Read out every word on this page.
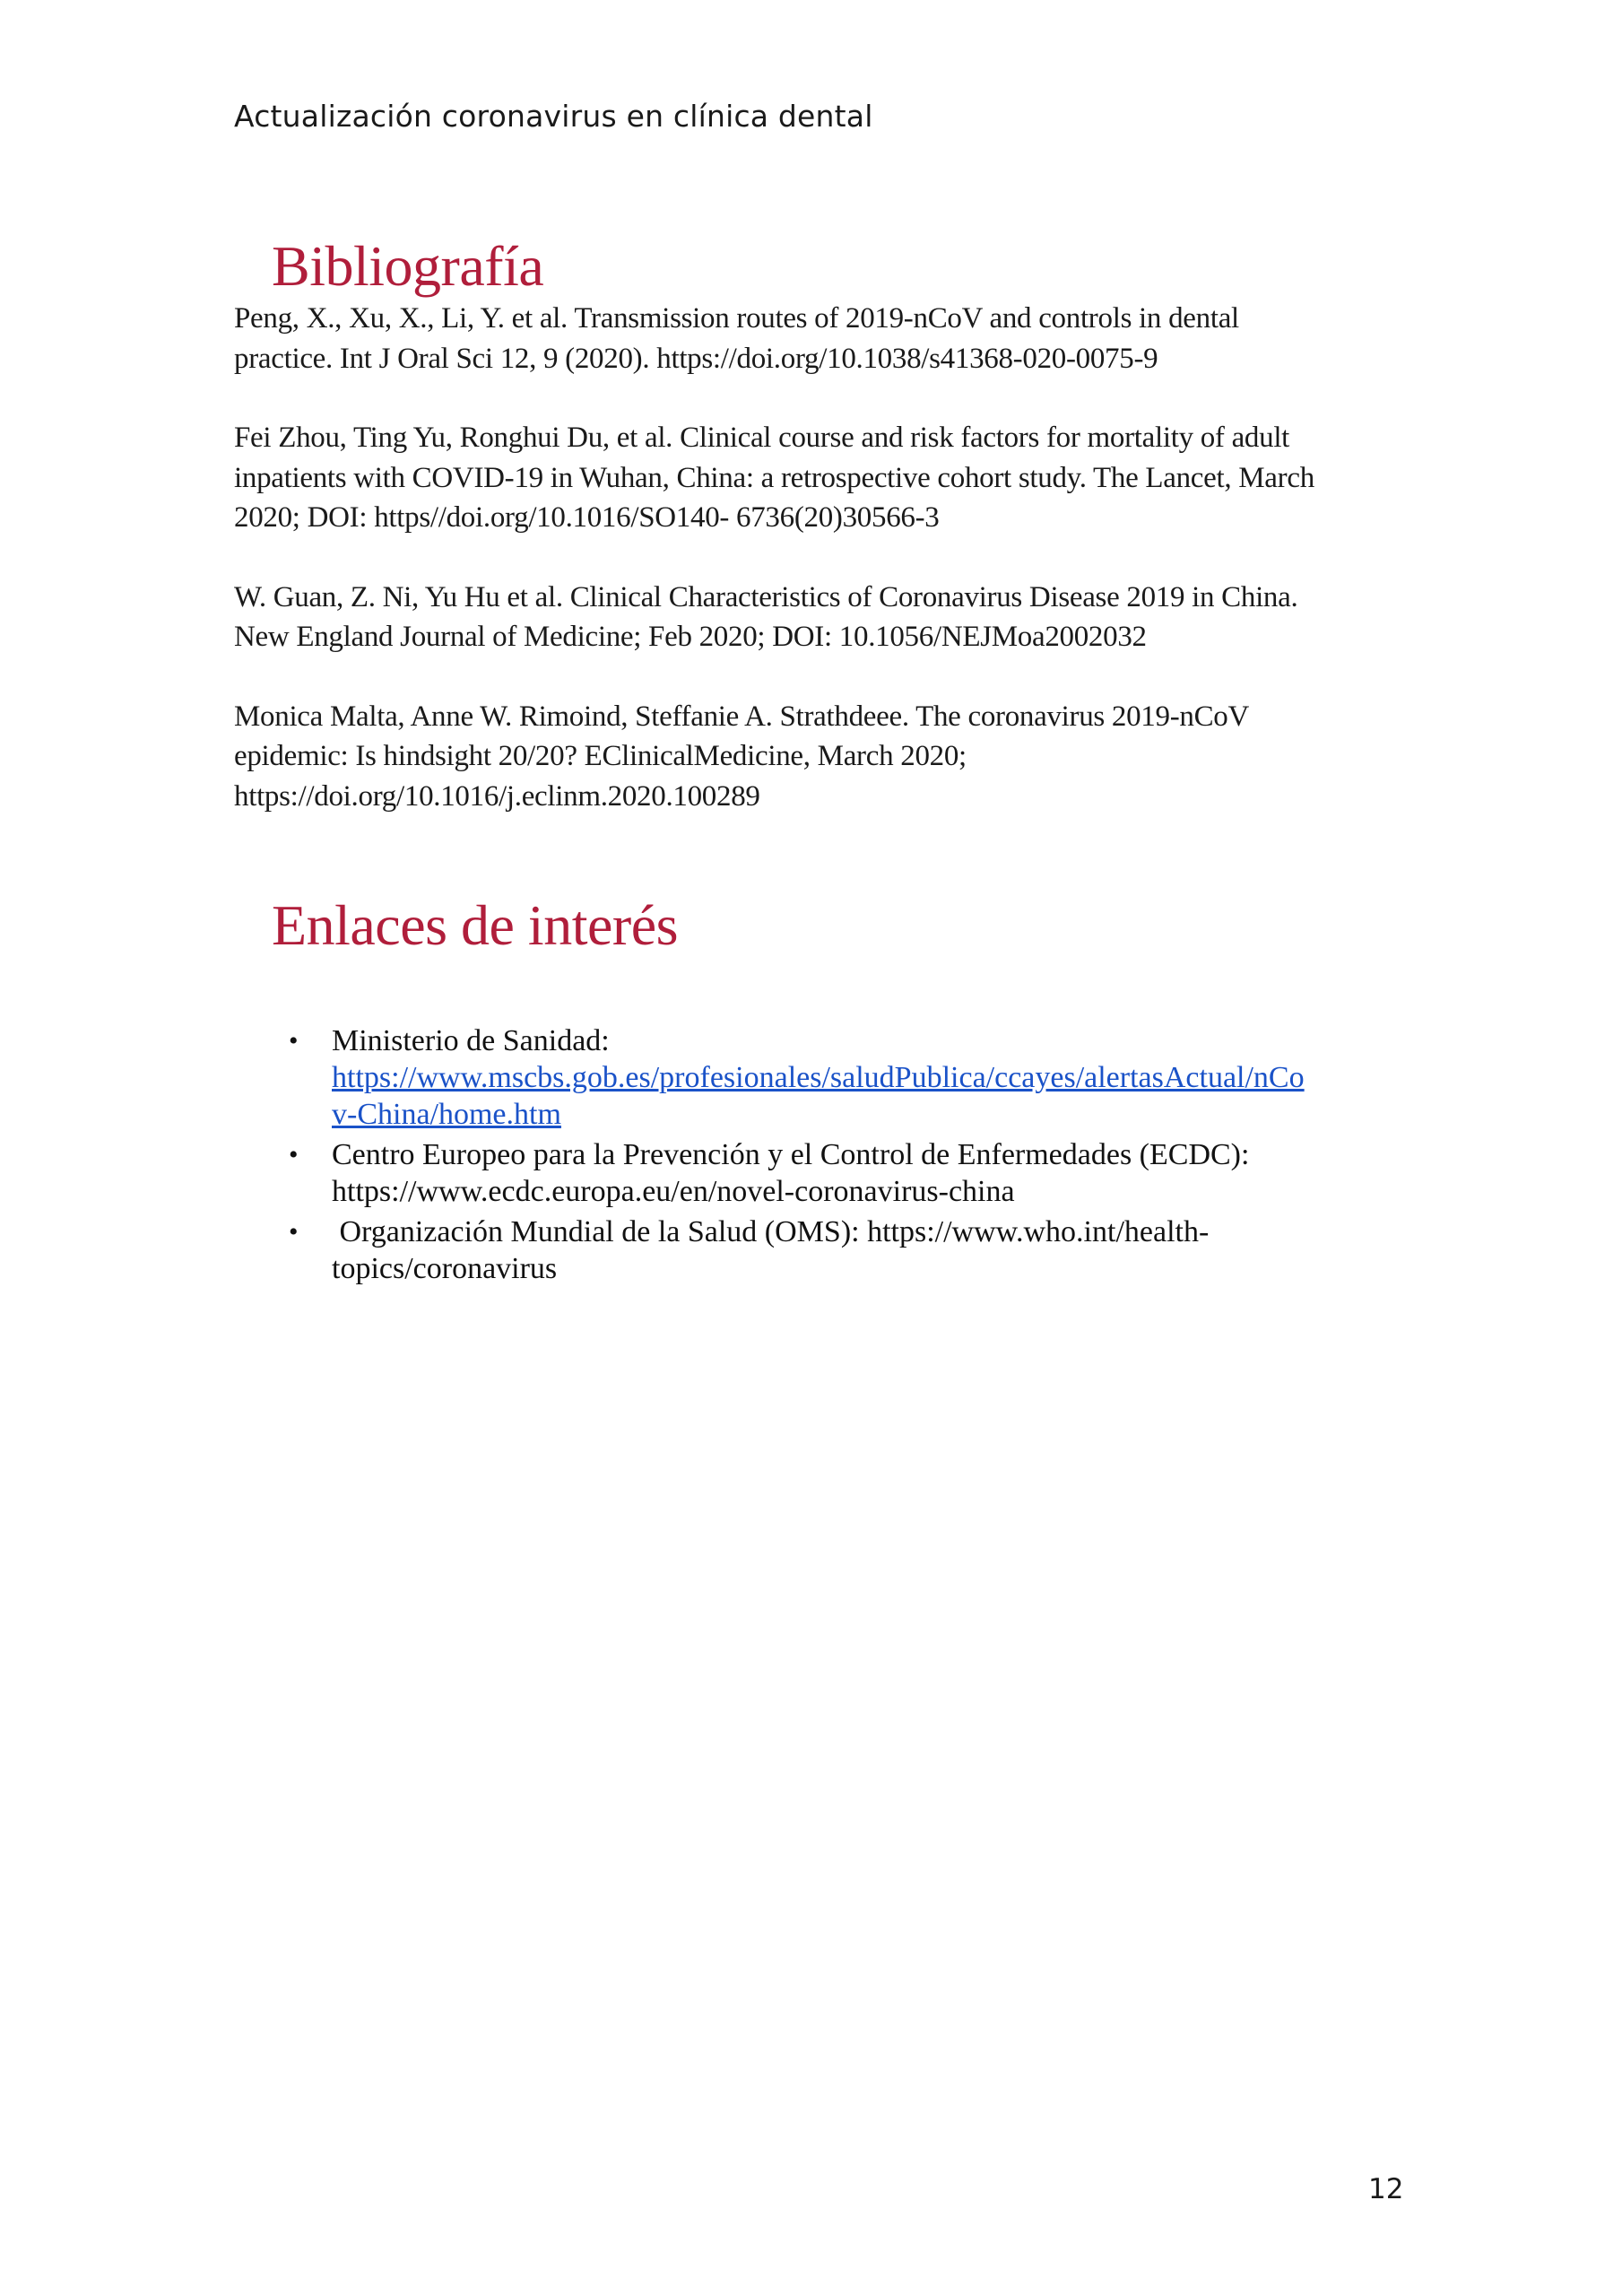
Actualización coronavirus en clínica dental
Bibliografía

Peng, X., Xu, X., Li, Y. et al. Transmission routes of 2019-nCoV and controls in dental
practice. Int J Oral Sci 12, 9 (2020). https://doi.org/10.1038/s41368-020-0075-9

Fei Zhou, Ting Yu, Ronghui Du, et al. Clinical course and risk factors for mortality of adult
inpatients with COVID-19 in Wuhan, China: a retrospective cohort study. The Lancet, March
2020; DOI: https//doi.org/10.1016/SO140- 6736(20)30566-3

W. Guan, Z. Ni, Yu Hu et al. Clinical Characteristics of Coronavirus Disease 2019 in China.
New England Journal of Medicine; Feb 2020; DOI: 10.1056/NEJMoa2002032

Monica Malta, Anne W. Rimoind, Steffanie A. Strathdeee. The coronavirus 2019-nCoV
epidemic: Is hindsight 20/20? EClinicalMedicine, March 2020;
https://doi.org/10.1016/j.eclinm.2020.100289

Enlaces de interés
• Ministerio de Sanidad:
https://www.mscbs.gob.es/profesionales/saludPublica/ccayes/alertasActual/nCo
v-China/home.htm
• Centro Europeo para la Prevención y el Control de Enfermedades (ECDC):
https://www.ecdc.europa.eu/en/novel-coronavirus-china
• Organización Mundial de la Salud (OMS): https://www.who.int/health-
topics/coronavirus
12
